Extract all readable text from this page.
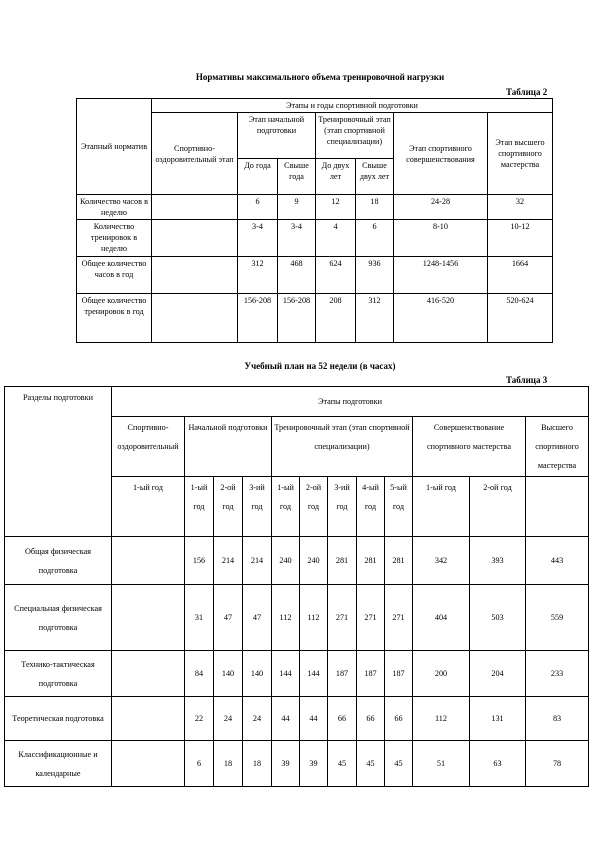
Нормативы максимального объема тренировочной нагрузки
Таблица 2
Этапный норматив	Этапы и годы спортивной подготовки						
	Спортивно-оздоровительный этап	Этап начальной подготовки		Тренировочный этап (этап спортивной специализации)		Этап спортивного совершенствования	Этап высшего спортивного мастерства
		До года	Свыше года	До двух лет	Свыше двух лет		
Количество часов в неделю		6	9	12	18	24-28	32
Количество тренировок в неделю		3-4	3-4	4	6	8-10	10-12
Общее количество часов в год		312	468	624	936	1248-1456	1664
Общее количество тренировок в год		156-208	156-208	208	312	416-520	520-624
Учебный план на 52 недели (в часах)
Таблица 3
Разделы подготовки	Этапы подготовки											
	Спортивно-оздоровительный	Начальной подготовки			Тренировочный этап (этап спортивной специализации)					Совершенствование спортивного мастерства		Высшего спортивного мастерства
	1-ый год	1-ый год	2-ой год	3-ий год	1-ый год	2-ой год	3-ий год	4-ый год	5-ый год	1-ый год	2-ой год	
Общая физическая подготовка		156	214	214	240	240	281	281	281	342	393	443
Специальная физическая подготовка		31	47	47	112	112	271	271	271	404	503	559
Технико-тактическая подготовка		84	140	140	144	144	187	187	187	200	204	233
Теоретическая подготовка		22	24	24	44	44	66	66	66	112	131	83
Классификационные и календарные		6	18	18	39	39	45	45	45	51	63	78
